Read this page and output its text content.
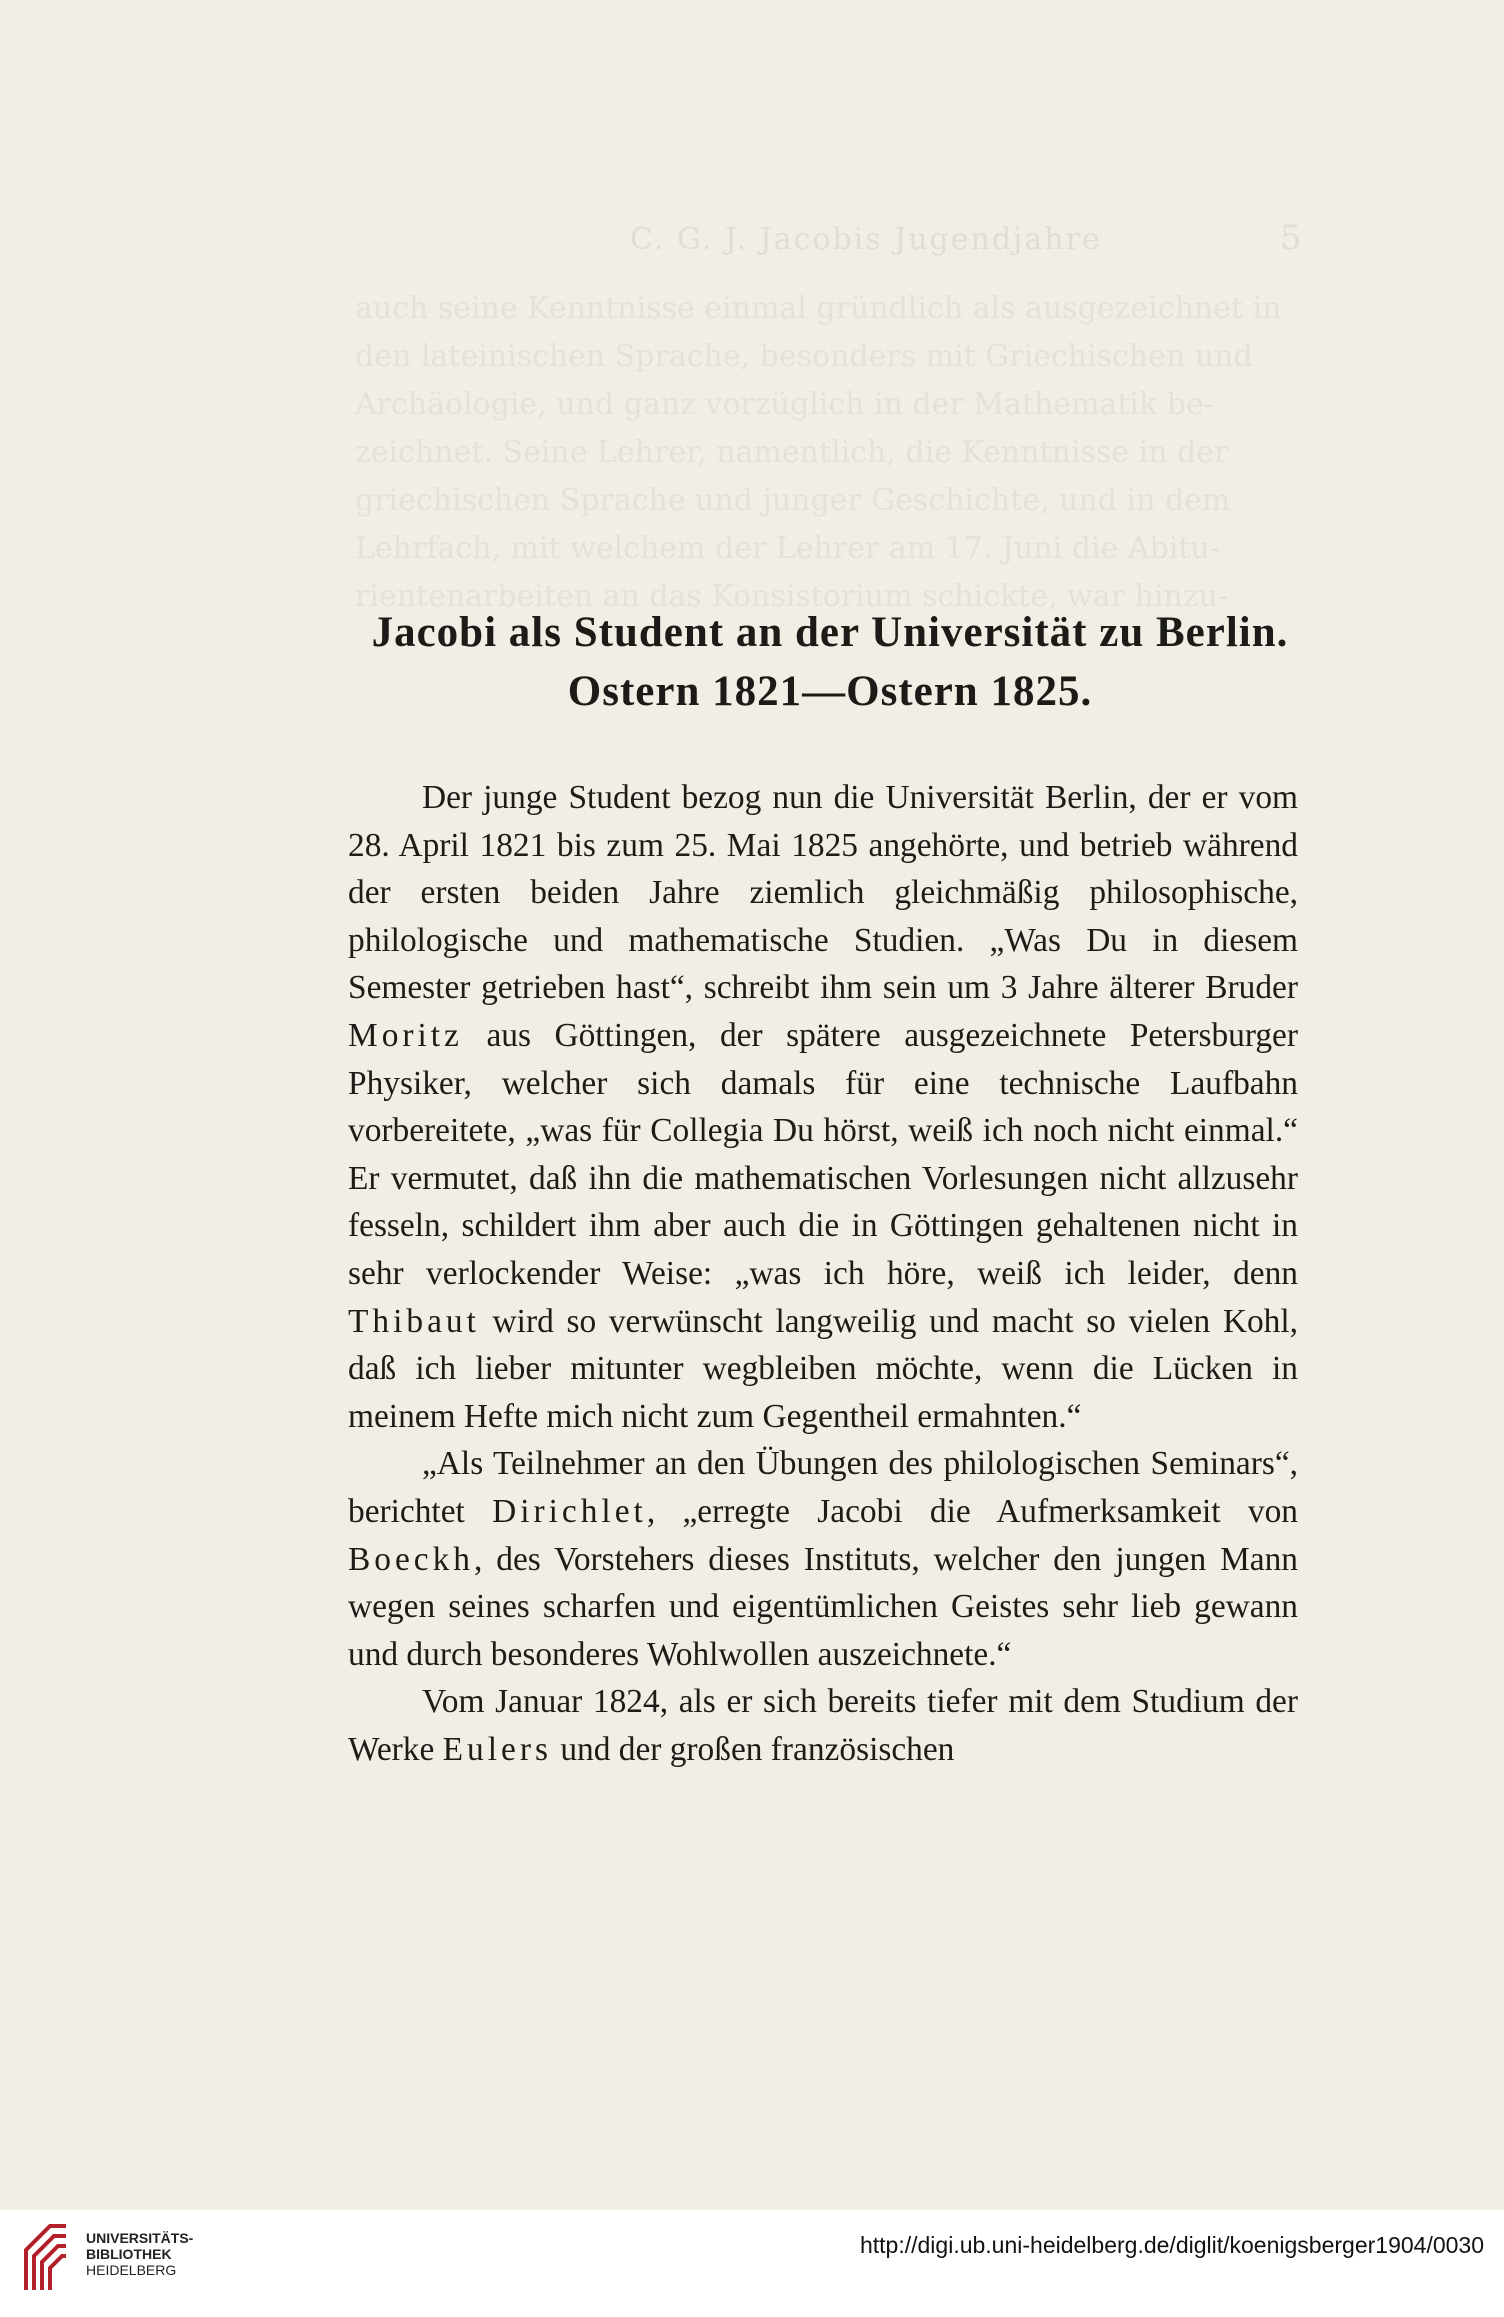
C. G. J. Jacobis Jugendjahre	5
auch seine Kenntnisse einmal gründlich als ausgezeichnet in
den lateinischen Sprache, besonders mit Griechischen und
Archäologie, und ganz vorzüglich in der Mathematik be-
zeichnet. Seine Lehrer, namentlich, die Kenntnisse in der
griechischen Sprache und junger Geschichte, und in dem
Lehrfach, mit welchem der Lehrer am 17. Juni die Abitu-
rientenarbeiten an das Konsistorium schickte, war hinzu-
Jacobi als Student an der Universität zu Berlin.
Ostern 1821—Ostern 1825.

Der junge Student bezog nun die Universität Berlin, der er vom 28. April 1821 bis zum 25. Mai 1825 angehörte, und betrieb während der ersten beiden Jahre ziemlich gleichmäßig philosophische, philologische und mathematische Studien. „Was Du in diesem Semester getrieben hast“, schreibt ihm sein um 3 Jahre älterer Bruder Moritz aus Göttingen, der spätere ausgezeichnete Petersburger Physiker, welcher sich damals für eine technische Laufbahn vorbereitete, „was für Collegia Du hörst, weiß ich noch nicht einmal.“ Er vermutet, daß ihn die mathematischen Vorlesungen nicht allzusehr fesseln, schildert ihm aber auch die in Göttingen gehaltenen nicht in sehr verlockender Weise: „was ich höre, weiß ich leider, denn Thibaut wird so verwünscht langweilig und macht so vielen Kohl, daß ich lieber mitunter wegbleiben möchte, wenn die Lücken in meinem Hefte mich nicht zum Gegentheil ermahnten.“

„Als Teilnehmer an den Übungen des philologischen Seminars“, berichtet Dirichlet, „erregte Jacobi die Aufmerksamkeit von Boeckh, des Vorstehers dieses Instituts, welcher den jungen Mann wegen seines scharfen und eigentümlichen Geistes sehr lieb gewann und durch besonderes Wohlwollen auszeichnete.“

Vom Januar 1824, als er sich bereits tiefer mit dem Studium der Werke Eulers und der großen französischen

UNIVERSITÄTS-
BIBLIOTHEK
HEIDELBERG
http://digi.ub.uni-heidelberg.de/diglit/koenigsberger1904/0030
